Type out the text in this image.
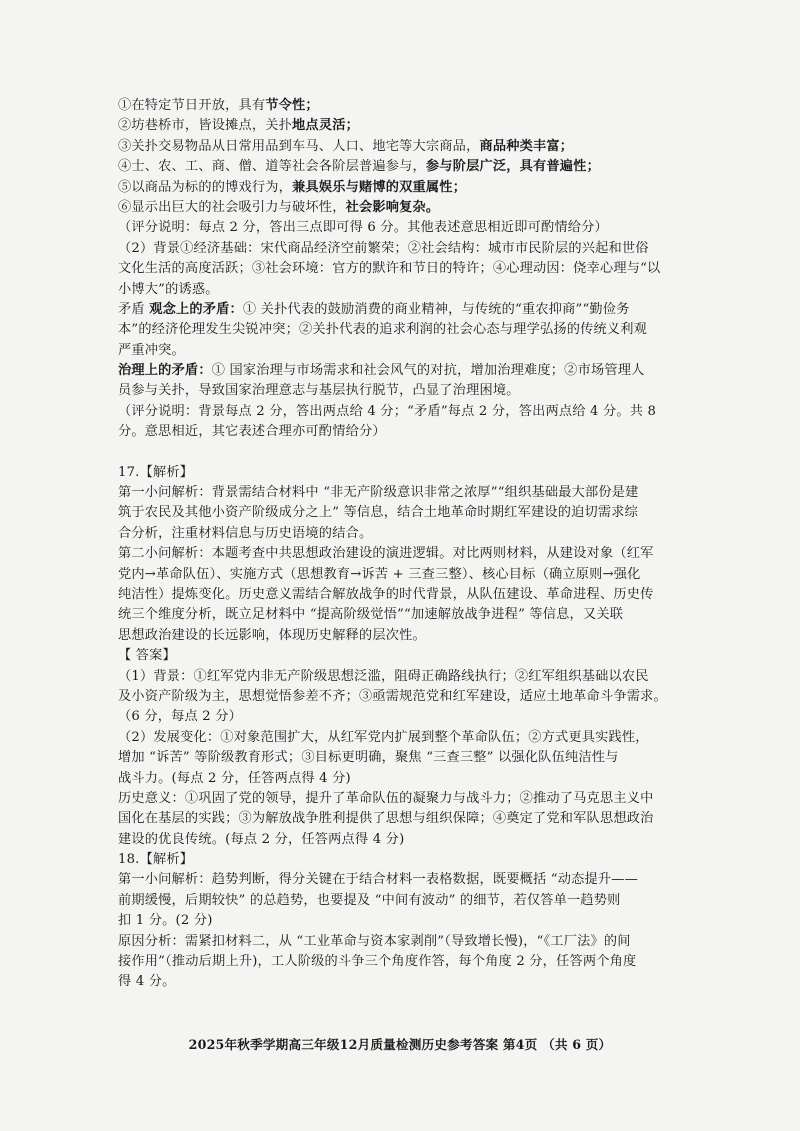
①在特定节日开放，具有节令性；
②坊巷桥市，皆设摊点，关扑地点灵活；
③关扑交易物品从日常用品到车马、人口、地宅等大宗商品，商品种类丰富；
④士、农、工、商、僧、道等社会各阶层普遍参与，参与阶层广泛，具有普遍性；
⑤以商品为标的的博戏行为，兼具娱乐与赌博的双重属性；
⑥显示出巨大的社会吸引力与破坏性，社会影响复杂。
（评分说明：每点 2 分，答出三点即可得 6 分。其他表述意思相近即可酌情给分）
（2）背景①经济基础：宋代商品经济空前繁荣；②社会结构：城市市民阶层的兴起和世俗
文化生活的高度活跃；③社会环境：官方的默许和节日的特许；④心理动因：侥幸心理与“以
小博大”的诱惑。
矛盾 观念上的矛盾：① 关扑代表的鼓励消费的商业精神，与传统的“重农抑商”“勤俭务
本”的经济伦理发生尖锐冲突；②关扑代表的追求利润的社会心态与理学弘扬的传统义利观
严重冲突。
治理上的矛盾：① 国家治理与市场需求和社会风气的对抗，增加治理难度；②市场管理人
员参与关扑，导致国家治理意志与基层执行脱节，凸显了治理困境。
（评分说明：背景每点 2 分，答出两点给 4 分；“矛盾”每点 2 分，答出两点给 4 分。共 8
分。意思相近，其它表述合理亦可酌情给分）
17.【解析】
第一小问解析：背景需结合材料中 “非无产阶级意识非常之浓厚”“组织基础最大部份是建
筑于农民及其他小资产阶级成分之上” 等信息，结合土地革命时期红军建设的迫切需求综
合分析，注重材料信息与历史语境的结合。
第二小问解析：本题考查中共思想政治建设的演进逻辑。对比两则材料，从建设对象（红军
党内→革命队伍）、实施方式（思想教育→诉苦 + 三查三整）、核心目标（确立原则→强化
纯洁性）提炼变化。历史意义需结合解放战争的时代背景，从队伍建设、革命进程、历史传
统三个维度分析，既立足材料中 “提高阶级觉悟”“加速解放战争进程” 等信息，又关联
思想政治建设的长远影响，体现历史解释的层次性。
【 答案】
（1）背景：①红军党内非无产阶级思想泛滥，阻碍正确路线执行；②红军组织基础以农民
及小资产阶级为主，思想觉悟参差不齐；③亟需规范党和红军建设，适应土地革命斗争需求。
（6 分，每点 2 分）
（2）发展变化：①对象范围扩大，从红军党内扩展到整个革命队伍；②方式更具实践性，
增加 “诉苦” 等阶级教育形式；③目标更明确，聚焦 “三查三整” 以强化队伍纯洁性与
战斗力。(每点 2 分，任答两点得 4 分)
历史意义：①巩固了党的领导，提升了革命队伍的凝聚力与战斗力；②推动了马克思主义中
国化在基层的实践；③为解放战争胜利提供了思想与组织保障；④奠定了党和军队思想政治
建设的优良传统。(每点 2 分，任答两点得 4 分)
18.【解析】
第一小问解析：趋势判断，得分关键在于结合材料一表格数据，既要概括 “动态提升——
前期缓慢，后期较快” 的总趋势，也要提及 “中间有波动” 的细节，若仅答单一趋势则
扣 1 分。(2 分)
原因分析：需紧扣材料二，从 “工业革命与资本家剥削”（导致增长慢)，“《工厂法》的间
接作用”（推动后期上升)，工人阶级的斗争三个角度作答，每个角度 2 分，任答两个角度
得 4 分。
2025年秋季学期高三年级12月质量检测历史参考答案 第4页 （共 6 页）
